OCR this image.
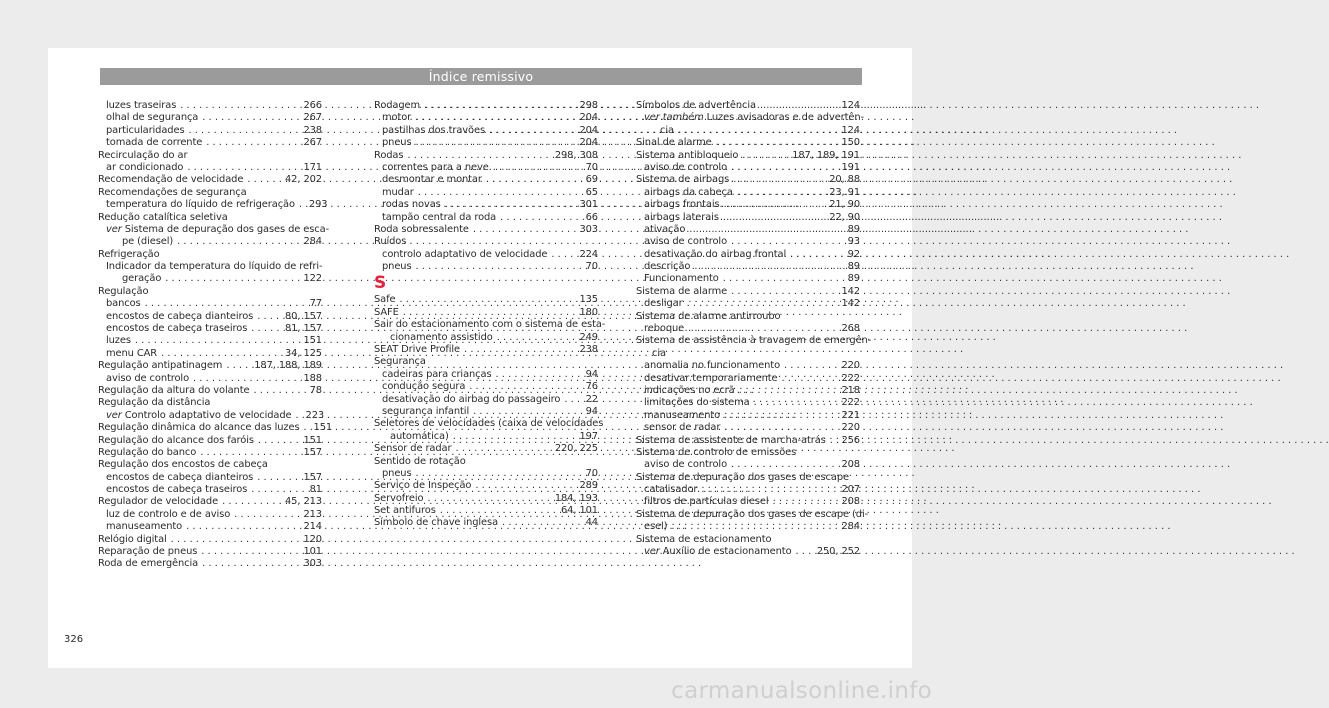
Índice remissivo
luzes traseiras . . .	266
olhal de segurança . . .	267
particularidades . . .	238
tomada de corrente . . .	267
Recirculação do ar
ar condicionado . . .	171
Recomendação de velocidade . . .	42, 202
Recomendações de segurança
temperatura do líquido de refrigeração . . . 293
Redução catalítica seletiva
ver Sistema de depuração dos gases de esca-
pe (diesel) . . .	284
Refrigeração
Indicador da temperatura do líquido de refri-
geração . . .	122
Regulação
bancos . . .	77
encostos de cabeça dianteiros . . .	80, 157
encostos de cabeça traseiros . . .	81, 157
luzes . . .	151
menu CAR . . .	34, 125
Regulação antipatinagem . . .	187, 188, 189
aviso de controlo . . .	188
Regulação da altura do volante . . .	78
Regulação da distância
ver Controlo adaptativo de velocidade . . . 223
Regulação dinâmica do alcance das luzes . . . 151
Regulação do alcance dos faróis . . .	151
Regulação do banco . . .	157
Regulação dos encostos de cabeça
encostos de cabeça dianteiros . . .	157
encostos de cabeça traseiros . . .	81
Regulador de velocidade . . .	45, 213
luz de controlo e de aviso . . .	213
manuseamento . . .	214
Relógio digital . . .	120
Reparação de pneus . . .	101
Roda de emergência . . .	303
Rodagem . . .	298
motor . . .	204
pastilhas dos travões . . .	204
pneus . . .	204
Rodas . . .	298, 308
correntes para a neve . . .	70
desmontar e montar . . .	69
mudar . . .	65
rodas novas . . .	301
tampão central da roda . . .	66
Roda sobressalente . . .	303
Ruídos
controlo adaptativo de velocidade . . .	224
pneus . . .	70
S
Safe . . .	135
SAFE . . .	180
Sair do estacionamento com o sistema de esta-
cionamento assistido . . .	249
SEAT Drive Profile . . .	238
Segurança
cadeiras para crianças . . .	94
condução segura . . .	76
desativação do airbag do passageiro . . .	22
segurança infantil . . .	94
Seletores de velocidades (caixa de velocidades
automática) . . .	197
Sensor de radar . . .	220, 225
Sentido de rotação
pneus . . .	70
Serviço de Inspeção . . .	289
Servofreio . . .	184, 193
Set antifuros . . .	64, 101
Símbolo de chave inglesa . . .	44
Símbolos de advertência . . .	124
ver também Luzes avisadoras e de advertên-
cia . . .	124
Sinal de alarme . . .	150
Sistema antibloqueio . . .	187, 189, 191
aviso de controlo . . .	191
Sistema de airbags . . .	20, 88
airbags da cabeça . . .	23, 91
airbags frontais . . .	21, 90
airbags laterais . . .	22, 90
ativação . . .	89
aviso de controlo . . .	93
desativação do airbag frontal . . .	92
descrição . . .	89
Funcionamento . . .	89
Sistema de alarme . . .	142
desligar . . .	142
Sistema de alarme antirroubo
reboque . . .	268
Sistema de assistência à travagem de emergên-
cia
anomalia no funcionamento . . .	220
desativar temporariamente . . .	222
indicações no ecrã . . .	218
limitações do sistema . . .	222
manuseamento . . .	221
sensor de radar . . .	220
Sistema de assistente de marcha-atrás . . . 256
Sistema de controlo de emissões
aviso de controlo . . .	208
Sistema de depuração dos gases de escape
catalisador . . .	207
filtros de partículas diesel . . .	208
Sistema de depuração dos gases de escape (di-
esel) . . .	284
Sistema de estacionamento
ver Auxílio de estacionamento . . .	250, 252
326
carmanualsonline.info
